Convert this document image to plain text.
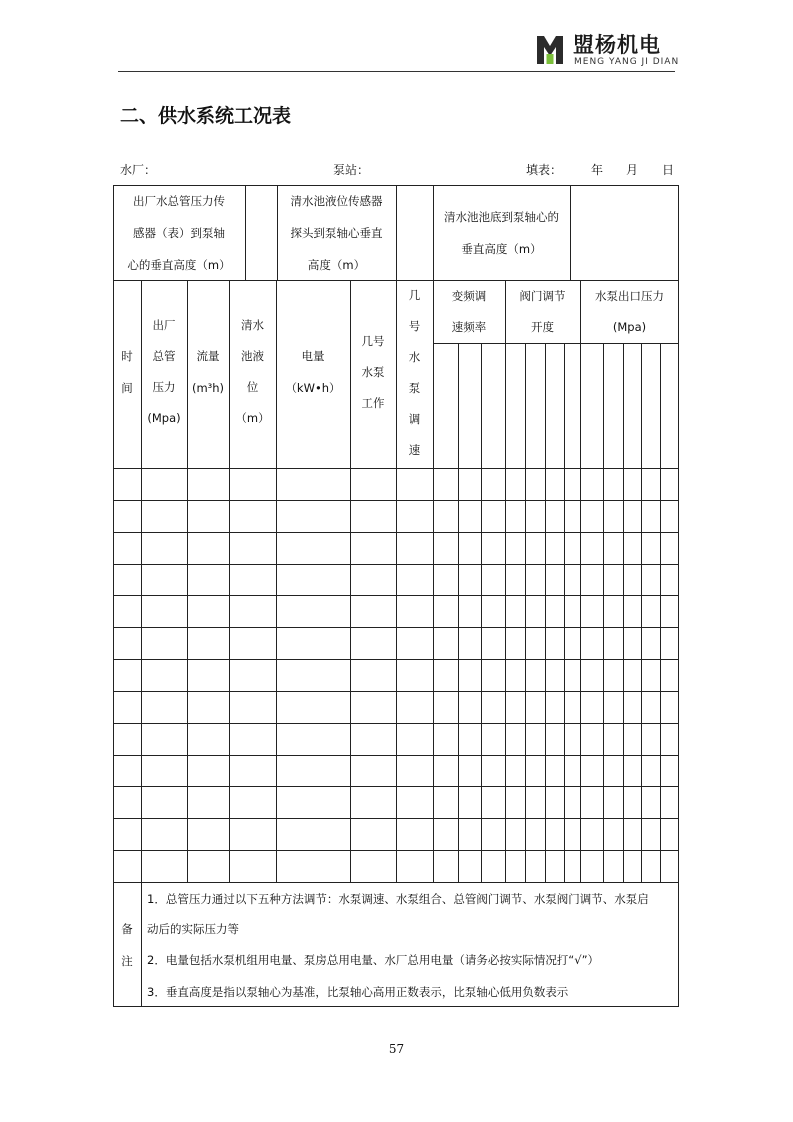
盟杨机电
MENG YANG JI DIAN
二、供水系统工况表
水厂：	泵站：	填表： 年 月 日
出厂水总管压力传
感器（表）到泵轴
心的垂直高度（m）
清水池液位传感器
探头到泵轴心垂直
高度（m）
清水池池底到泵轴心的
垂直高度（m）
时
间
出厂
总管
压力
(Mpa)
流量
(m³h)
清水
池液
位
（m）
电量
（kW•h）
几号
水泵
工作
几
号
水
泵
调
速
变频调
速频率
阀门调节
开度
水泵出口压力
(Mpa)
备
注
1．总管压力通过以下五种方法调节：水泵调速、水泵组合、总管阀门调节、水泵阀门调节、水泵启
动后的实际压力等
2．电量包括水泵机组用电量、泵房总用电量、水厂总用电量（请务必按实际情况打“√”）
3．垂直高度是指以泵轴心为基准，比泵轴心高用正数表示，比泵轴心低用负数表示
57
